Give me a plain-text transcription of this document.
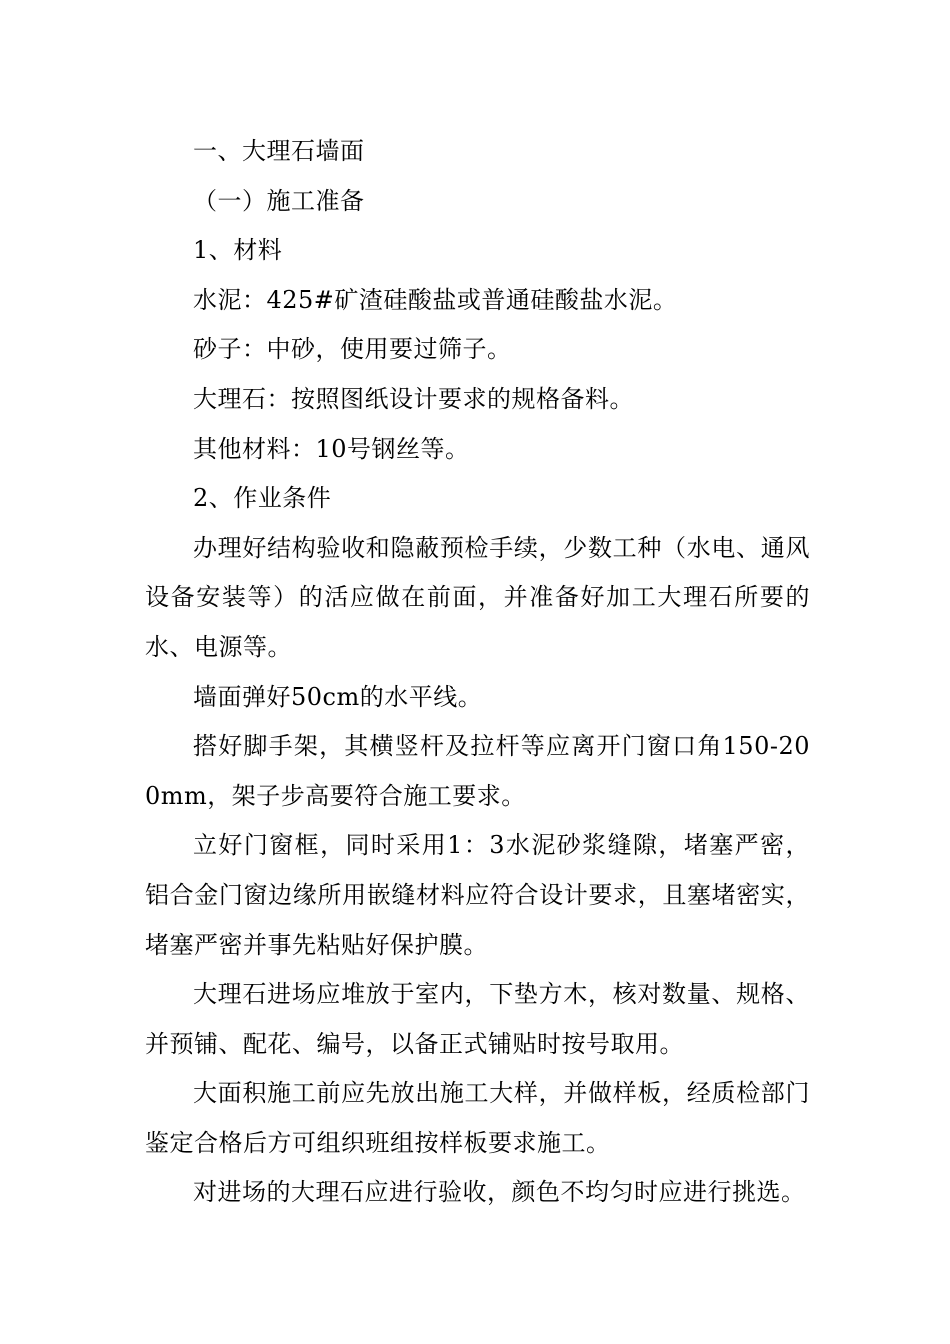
一、大理石墙面

（一）施工准备

1、材料

水泥：425#矿渣硅酸盐或普通硅酸盐水泥。

砂子：中砂，使用要过筛子。

大理石：按照图纸设计要求的规格备料。

其他材料：10号钢丝等。

2、作业条件

办理好结构验收和隐蔽预检手续，少数工种（水电、通风设备安装等）的活应做在前面，并准备好加工大理石所要的水、电源等。

墙面弹好50cm的水平线。

搭好脚手架，其横竖杆及拉杆等应离开门窗口角150-200mm，架子步高要符合施工要求。

立好门窗框，同时采用1：3水泥砂浆缝隙，堵塞严密，铝合金门窗边缘所用嵌缝材料应符合设计要求，且塞堵密实，堵塞严密并事先粘贴好保护膜。

大理石进场应堆放于室内，下垫方木，核对数量、规格、并预铺、配花、编号，以备正式铺贴时按号取用。

大面积施工前应先放出施工大样，并做样板，经质检部门鉴定合格后方可组织班组按样板要求施工。

对进场的大理石应进行验收，颜色不均匀时应进行挑选。
